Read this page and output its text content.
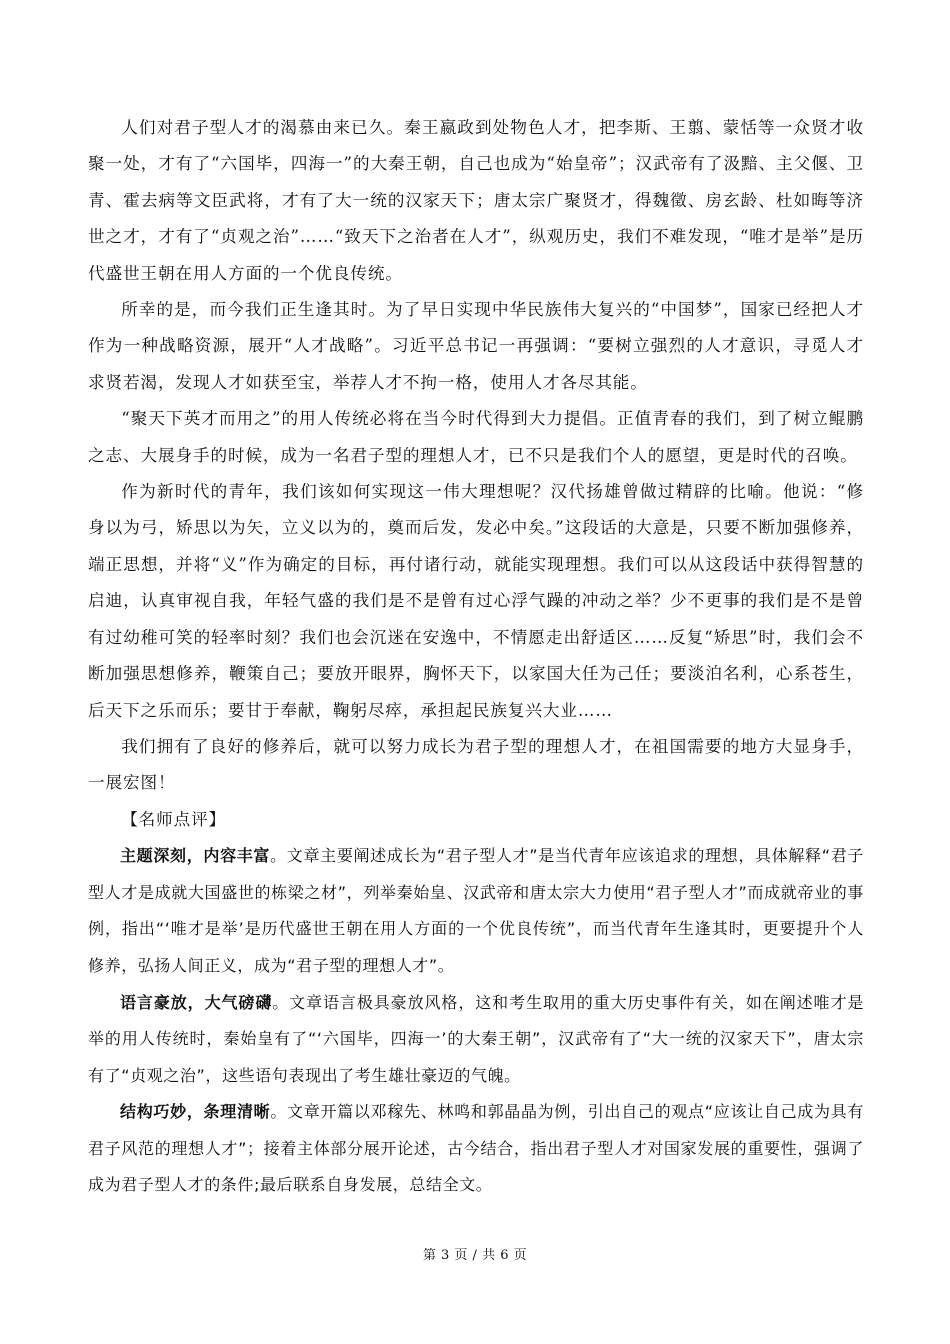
人们对君子型人才的渴慕由来已久。秦王嬴政到处物色人才，把李斯、王翦、蒙恬等一众贤才收聚一处，才有了“六国毕，四海一”的大秦王朝，自己也成为“始皇帝”；汉武帝有了汲黯、主父偃、卫青、霍去病等文臣武将，才有了大一统的汉家天下；唐太宗广聚贤才，得魏徵、房玄龄、杜如晦等济世之才，才有了“贞观之治”……“致天下之治者在人才”，纵观历史，我们不难发现，“唯才是举”是历代盛世王朝在用人方面的一个优良传统。

所幸的是，而今我们正生逢其时。为了早日实现中华民族伟大复兴的“中国梦”，国家已经把人才作为一种战略资源，展开“人才战略”。习近平总书记一再强调：“要树立强烈的人才意识，寻觅人才求贤若渴，发现人才如获至宝，举荐人才不拘一格，使用人才各尽其能。

“聚天下英才而用之”的用人传统必将在当今时代得到大力提倡。正值青春的我们，到了树立鲲鹏之志、大展身手的时候，成为一名君子型的理想人才，已不只是我们个人的愿望，更是时代的召唤。

作为新时代的青年，我们该如何实现这一伟大理想呢？汉代扬雄曾做过精辟的比喻。他说：“修身以为弓，矫思以为矢，立义以为的，奠而后发，发必中矣。”这段话的大意是，只要不断加强修养，端正思想，并将“义”作为确定的目标，再付诸行动，就能实现理想。我们可以从这段话中获得智慧的启迪，认真审视自我，年轻气盛的我们是不是曾有过心浮气躁的冲动之举？少不更事的我们是不是曾有过幼稚可笑的轻率时刻？我们也会沉迷在安逸中，不情愿走出舒适区……反复“矫思”时，我们会不断加强思想修养，鞭策自己；要放开眼界，胸怀天下，以家国大任为己任；要淡泊名利，心系苍生，后天下之乐而乐；要甘于奉献，鞠躬尽瘁，承担起民族复兴大业……

我们拥有了良好的修养后，就可以努力成长为君子型的理想人才，在祖国需要的地方大显身手，一展宏图！

【名师点评】

主题深刻，内容丰富。文章主要阐述成长为“君子型人才”是当代青年应该追求的理想，具体解释“君子型人才是成就大国盛世的栋梁之材”，列举秦始皇、汉武帝和唐太宗大力使用“君子型人才”而成就帝业的事例，指出“‘唯才是举’是历代盛世王朝在用人方面的一个优良传统”，而当代青年生逢其时，更要提升个人修养，弘扬人间正义，成为“君子型的理想人才”。

语言豪放，大气磅礴。文章语言极具豪放风格，这和考生取用的重大历史事件有关，如在阐述唯才是举的用人传统时，秦始皇有了“‘六国毕，四海一’的大秦王朝”，汉武帝有了“大一统的汉家天下”，唐太宗有了“贞观之治”，这些语句表现出了考生雄壮豪迈的气魄。

结构巧妙，条理清晰。文章开篇以邓稼先、林鸣和郭晶晶为例，引出自己的观点“应该让自己成为具有君子风范的理想人才”；接着主体部分展开论述，古今结合，指出君子型人才对国家发展的重要性，强调了成为君子型人才的条件;最后联系自身发展，总结全文。

第 3 页 / 共 6 页
